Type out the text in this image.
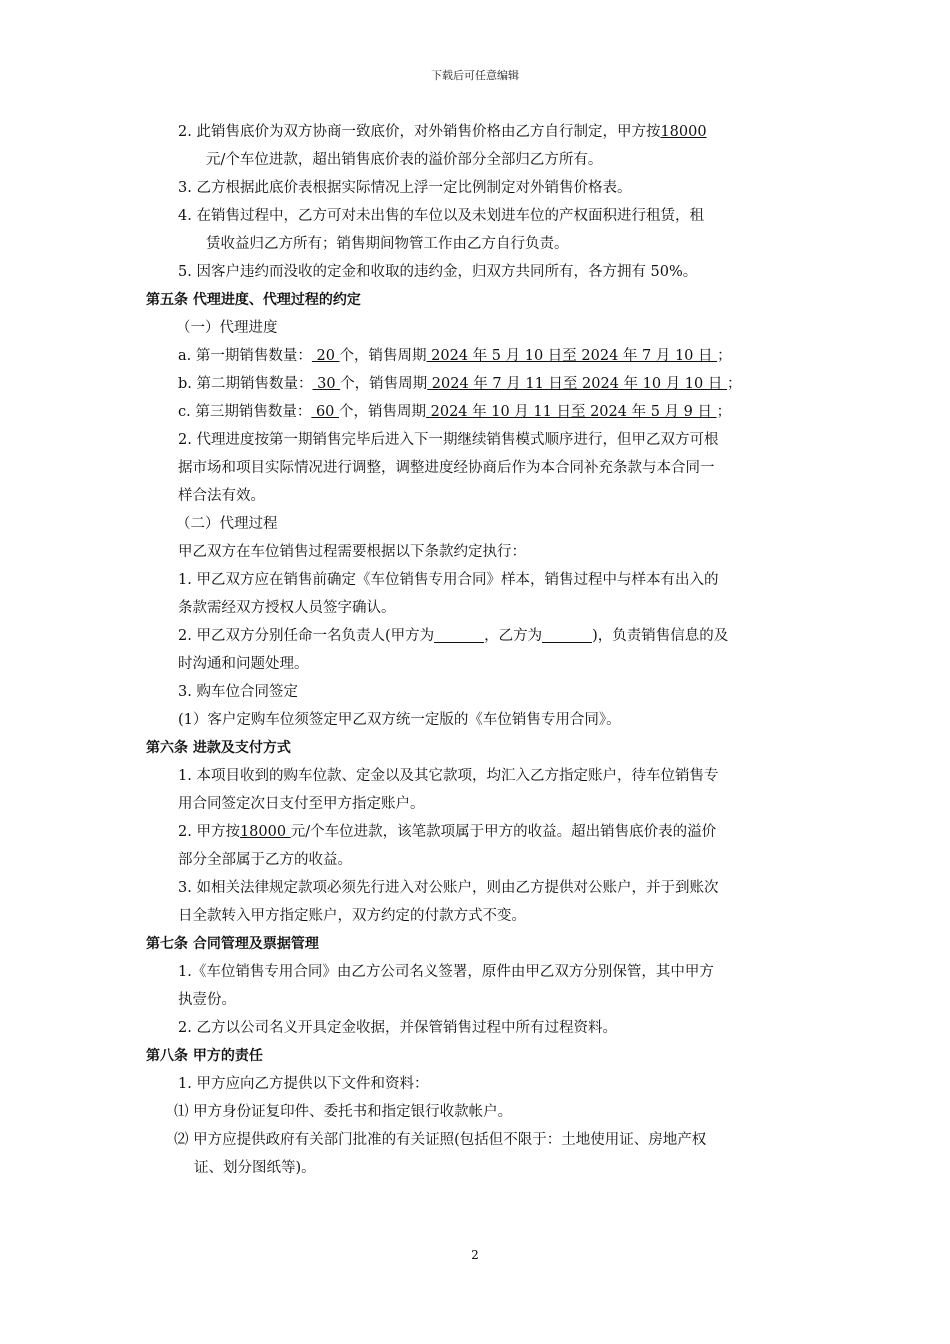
下载后可任意编辑
2. 此销售底价为双方协商一致底价，对外销售价格由乙方自行制定，甲方按18000
元/个车位进款，超出销售底价表的溢价部分全部归乙方所有。
3. 乙方根据此底价表根据实际情况上浮一定比例制定对外销售价格表。
4. 在销售过程中，乙方可对未出售的车位以及未划进车位的产权面积进行租赁，租
赁收益归乙方所有；销售期间物管工作由乙方自行负责。
5. 因客户违约而没收的定金和收取的违约金，归双方共同所有，各方拥有 50%。
第五条 代理进度、代理过程的约定
（一）代理进度
a. 第一期销售数量： 20 个，销售周期 2024 年 5 月 10 日至 2024 年 7 月 10 日 ；
b. 第二期销售数量： 30 个，销售周期 2024 年 7 月 11 日至 2024 年 10 月 10 日 ；
c. 第三期销售数量： 60 个，销售周期 2024 年 10 月 11 日至 2024 年 5 月 9 日 ；
2. 代理进度按第一期销售完毕后进入下一期继续销售模式顺序进行，但甲乙双方可根
据市场和项目实际情况进行调整，调整进度经协商后作为本合同补充条款与本合同一
样合法有效。
（二）代理过程
甲乙双方在车位销售过程需要根据以下条款约定执行：
1. 甲乙双方应在销售前确定《车位销售专用合同》样本，销售过程中与样本有出入的
条款需经双方授权人员签字确认。
2. 甲乙双方分别任命一名负责人(甲方为	，乙方为	)，负责销售信息的及
时沟通和问题处理。
3. 购车位合同签定
(1）客户定购车位须签定甲乙双方统一定版的《车位销售专用合同》。
第六条 进款及支付方式
1. 本项目收到的购车位款、定金以及其它款项，均汇入乙方指定账户，待车位销售专
用合同签定次日支付至甲方指定账户。
2. 甲方按18000 元/个车位进款，该笔款项属于甲方的收益。超出销售底价表的溢价
部分全部属于乙方的收益。
3. 如相关法律规定款项必须先行进入对公账户，则由乙方提供对公账户，并于到账次
日全款转入甲方指定账户，双方约定的付款方式不变。
第七条 合同管理及票据管理
1.《车位销售专用合同》由乙方公司名义签署，原件由甲乙双方分别保管，其中甲方
执壹份。
2. 乙方以公司名义开具定金收据，并保管销售过程中所有过程资料。
第八条 甲方的责任
1. 甲方应向乙方提供以下文件和资料：
⑴ 甲方身份证复印件、委托书和指定银行收款帐户。
⑵ 甲方应提供政府有关部门批准的有关证照(包括但不限于：土地使用证、房地产权
证、划分图纸等)。
2
